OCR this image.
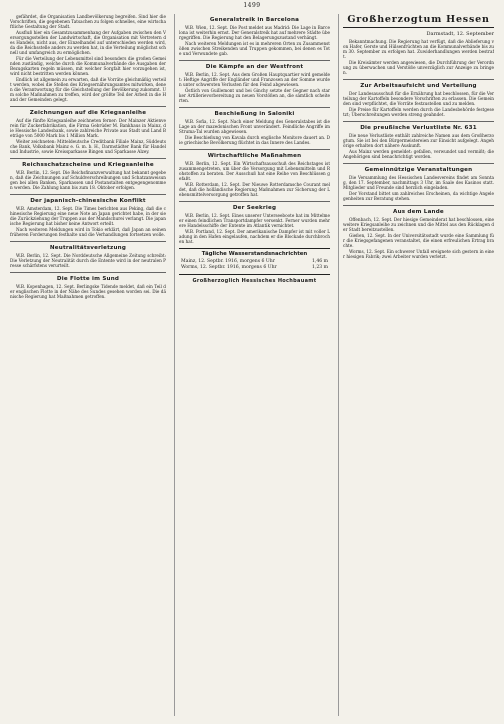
1499

gefährdet, die Organisation Landbevölkerung begreifen. Sind hier die Vorschriften, die gegebenen Tatsachen zu folgen schnelles, eine wirtschaftliche Gestaltung der Stadt.

Ausfluß hier ein Gesamtzusammenhang der Aufgaben zwischen den Versorgungsstellen der Landwirtschaft, die Organisation mit Vertretern des Handels, nicht aus, der Einzelhandel auf unterschieden werden wird, da die Reichsstelle anders zu werden hat, in die Verteilung möglichst schnell und umfangreich zu ermöglichen.

Für die Verteilung der Lebensmittel sind besonders die großen Gemeinden zuständig, welche durch die Kommunalverbände die Ausgaben der Bezugskarten regeln müssen, mit welcher Sorgfalt hier vorzugehen ist, wird nicht bestritten werden können.

Endlich ist allgemein zu erwarten, daß die Vorräte gleichmäßig verteilt werden, wobei die Stellen des Kriegsernährungsamtes mitwirken, denen die Verantwortung für die Gleichstellung der Bevölkerung zukommt. Um solche Maßnahmen zu treffen, wird der größte Teil der Arbeit in die Hand der Gemeinden gelegt.

Zeichnungen auf die Kriegsanleihe

Auf die fünfte Kriegsanleihe zeichneten ferner: Der Mainzer Aktienverein für Zuckerfabrikation, die Firma Gebrüder M. Bankhaus in Mainz, die Hessische Landesbank, sowie zahlreiche Private aus Stadt und Land Beträge von 5000 Mark bis 1 Million Mark.

Weiter zeichneten: Mitteldeutsche Creditbank Filiale Mainz, Süddeutsche Bank, Volksbank Mainz e. G. m. b. H., Darmstädter Bank für Handel und Industrie, sowie Kreissparkasse Bingen und Sparkasse Alzey.

Reichsschatzscheine und Kriegsanleihe

W.B. Berlin, 12. Sept. Die Reichsfinanzverwaltung hat bekannt gegeben, daß die Zeichnungen auf Schuldverschreibungen und Schatzanweisungen bei allen Banken, Sparkassen und Postanstalten entgegengenommen werden. Die Zahlung kann bis zum 18. Oktober erfolgen.

Der japanisch-chinesische Konflikt

W.B. Amsterdam, 12. Sept. Die Times berichten aus Peking, daß die chinesische Regierung eine neue Note an Japan gerichtet habe, in der sie die Zurückziehung der Truppen aus der Mandschurei verlangt. Die japanische Regierung hat bisher keine Antwort erteilt.

Nach weiteren Meldungen wird in Tokio erklärt, daß Japan an seinen früheren Forderungen festhalte und die Verhandlungen fortsetzen wolle.

Neutralitätsverletzung

W.B. Berlin, 12. Sept. Die Norddeutsche Allgemeine Zeitung schreibt: Die Verletzung der Neutralität durch die Entente wird in der neutralen Presse schärfstens verurteilt.

Die Flotte im Sund

W.B. Kopenhagen, 12. Sept. Berlingske Tidende meldet, daß ein Teil der englischen Flotte in der Nähe des Sundes gesehen worden sei. Die dänische Regierung hat Maßnahmen getroffen.

Generalstreik in Barcelona

W.B. Wien, 12. Sept. Die Post meldet aus Madrid: Die Lage in Barcelona ist weiterhin ernst. Der Generalstreik hat auf mehrere Städte übergegriffen. Die Regierung hat den Belagerungszustand verhängt.

Nach weiteren Meldungen ist es in mehreren Orten zu Zusammenstößen zwischen Streikenden und Truppen gekommen, bei denen es Tote und Verwundete gab.

Die Kämpfe an der Westfront

W.B. Berlin, 12. Sept. Aus dem Großen Hauptquartier wird gemeldet: Heftige Angriffe der Engländer und Franzosen an der Somme wurden unter schwersten Verlusten für den Feind abgewiesen.

Östlich von Guillemont und bei Ginchy setzte der Gegner nach starker Artillerievorbereitung zu neuen Vorstößen an, die sämtlich scheiterten.

Beschießung in Saloniki

W.B. Sofia, 12. Sept. Nach einer Meldung des Generalstabes ist die Lage an der mazedonischen Front unverändert. Feindliche Angriffe im Struma-Tal wurden abgewiesen.

Die Beschießung von Kavala durch englische Monitore dauert an. Die griechische Bevölkerung flüchtet in das Innere des Landes.

Wirtschaftliche Maßnahmen

W.B. Berlin, 12. Sept. Ein Wirtschaftsausschuß des Reichstages ist zusammengetreten, um über die Versorgung mit Lebensmitteln und Rohstoffen zu beraten. Der Ausschuß hat eine Reihe von Beschlüssen gefaßt.

W.B. Rotterdam, 12. Sept. Der Nieuwe Rotterdamsche Courant meldet, daß die holländische Regierung Maßnahmen zur Sicherung der Lebensmittelversorgung getroffen hat.

Der Seekrieg

W.B. Berlin, 12. Sept. Eines unserer Unterseeboote hat im Mittelmeer einen feindlichen Transportdampfer versenkt. Ferner wurden mehrere Handelsschiffe der Entente im Atlantik vernichtet.

W.B. Portland, 12. Sept. Der amerikanische Dampfer ist mit voller Ladung in den Hafen eingelaufen, nachdem er die Blockade durchbrochen hat.

Tägliche Wasserstandsnachrichten
Mainz, 12. Septbr. 1916, morgens 6 Uhr	1,46 m
Worms, 12. Septbr. 1916, morgens 6 Uhr	1,23 m
Großherzoglich Hessisches Hochbauamt
Großherzogtum Hessen
Darmstadt, 12. September

Bekanntmachung. Die Regierung hat verfügt, daß die Ablieferung von Hafer, Gerste und Hülsenfrüchten an die Kommunalverbände bis zum 30. September zu erfolgen hat. Zuwiderhandlungen werden bestraft.

Die Kreisämter werden angewiesen, die Durchführung der Verordnung zu überwachen und Verstöße unverzüglich zur Anzeige zu bringen.

Zur Arbeitsaufsicht und Verteilung

Der Landesausschuß für die Ernährung hat beschlossen, für die Verteilung der Kartoffeln besondere Vorschriften zu erlassen. Die Gemeinden sind verpflichtet, die Vorräte festzustellen und zu melden.

Die Preise für Kartoffeln werden durch die Landesbehörde festgesetzt; Überschreitungen werden streng geahndet.

Die preußische Verlustliste Nr. 631

Die neue Verlustliste enthält zahlreiche Namen aus dem Großherzogtum. Sie ist bei den Bürgermeistereien zur Einsicht aufgelegt. Angehörige erhalten dort nähere Auskunft.

Aus Mainz werden gemeldet: gefallen, verwundet und vermißt; die Angehörigen sind benachrichtigt worden.

Gemeinnützige Veranstaltungen

Die Versammlung des Hessischen Landesvereins findet am Sonntag, den 17. September, nachmittags 3 Uhr, im Saale des Kasinos statt. Mitglieder und Freunde sind herzlich eingeladen.

Der Vorstand bittet um zahlreiches Erscheinen, da wichtige Angelegenheiten zur Beratung stehen.

Aus dem Lande

Offenbach, 12. Sept. Der hiesige Gemeinderat hat beschlossen, eine weitere Kriegsanleihe zu zeichnen und die Mittel aus den Rücklagen der Stadt bereitzustellen.

Gießen, 12. Sept. In der Universitätsstadt wurde eine Sammlung für die Kriegsgefangenen veranstaltet, die einen erfreulichen Ertrag brachte.

Worms, 12. Sept. Ein schwerer Unfall ereignete sich gestern in einer hiesigen Fabrik; zwei Arbeiter wurden verletzt.
